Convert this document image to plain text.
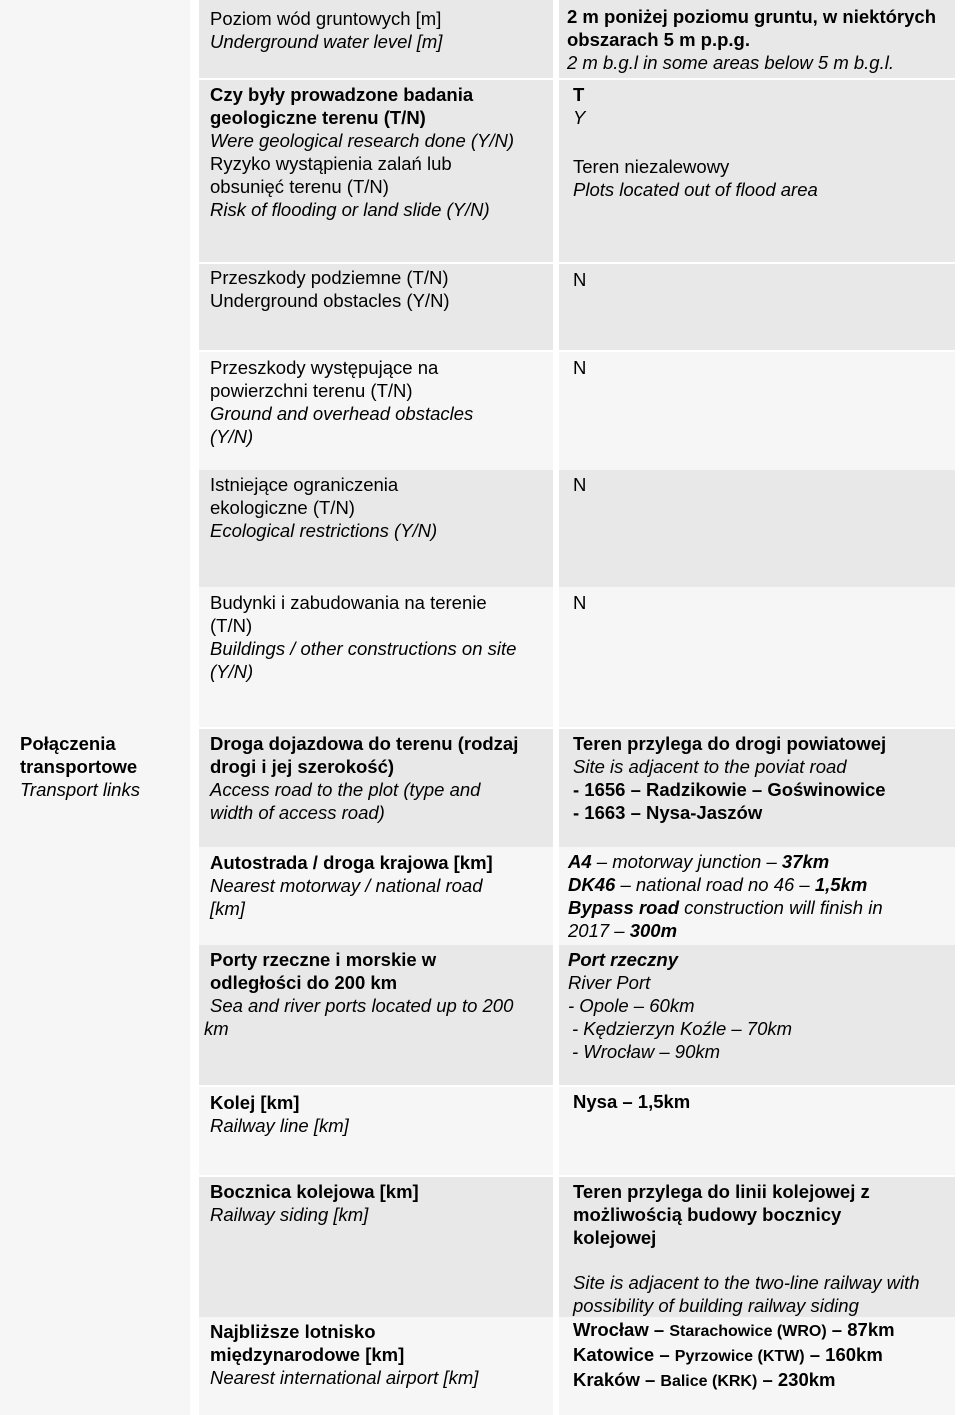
Poziom wód gruntowych [m]
Underground water level [m]
2 m poniżej poziomu gruntu, w niektórych obszarach 5 m p.p.g.
2 m b.g.l in some areas below 5 m b.g.l.
Czy były prowadzone badania geologiczne terenu (T/N)
Were geological research done (Y/N)
Ryzyko wystąpienia zalań lub obsunięć terenu (T/N)
Risk of flooding or land slide (Y/N)
T
Y
Teren niezalewowy
Plots located out of flood area
Przeszkody podziemne (T/N)
Underground obstacles (Y/N)
N
Przeszkody występujące na powierzchni terenu (T/N)
Ground and overhead obstacles (Y/N)
N
Istniejące ograniczenia ekologiczne (T/N)
Ecological restrictions (Y/N)
N
Budynki i zabudowania na terenie (T/N)
Buildings / other constructions on site (Y/N)
N
Połączenia transportowe
Transport links
Droga dojazdowa do terenu (rodzaj drogi i jej szerokość)
Access road to the plot (type and width of access road)
Teren przylega do drogi powiatowej
Site is adjacent to the poviat road
- 1656 – Radzikowie – Goświnowice
- 1663 – Nysa-Jaszów
Autostrada / droga krajowa [km]
Nearest motorway / national road [km]
A4 – motorway junction – 37km
DK46 – national road no 46 – 1,5km
Bypass road construction will finish in 2017 – 300m
Porty rzeczne i morskie w odległości do 200 km
Sea and river ports located up to 200 km
Port rzeczny
River Port
- Opole – 60km
- Kędzierzyn Koźle – 70km
- Wrocław – 90km
Kolej [km]
Railway line [km]
Nysa – 1,5km
Bocznica kolejowa [km]
Railway siding [km]
Teren przylega do linii kolejowej z możliwością budowy bocznicy kolejowej
Site is adjacent to the two-line railway with possibility of building railway siding
Najbliższe lotnisko międzynarodowe [km]
Nearest international airport [km]
Wrocław – Starachowice (WRO) – 87km
Katowice – Pyrzowice (KTW) – 160km
Kraków – Balice (KRK) – 230km
